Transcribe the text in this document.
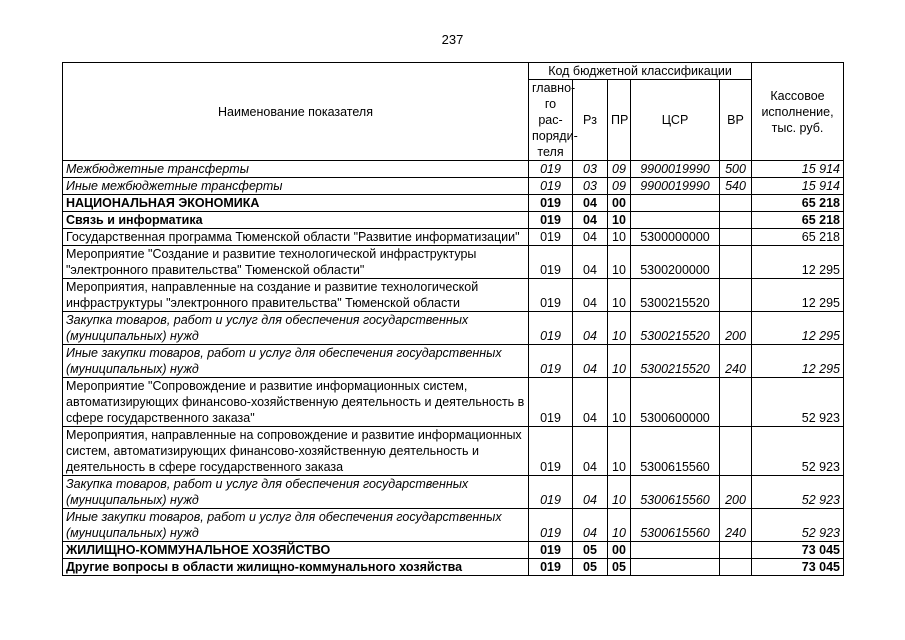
237
Наименование показателя	Код бюджетной классификации					Кассовое исполнение, тыс. руб.
	главно-го рас-поряди-теля	Рз	ПР	ЦСР	ВР	
Межбюджетные трансферты	019	03	09	9900019990	500	15 914
Иные межбюджетные трансферты	019	03	09	9900019990	540	15 914
НАЦИОНАЛЬНАЯ ЭКОНОМИКА	019	04	00			65 218
Связь и информатика	019	04	10			65 218
Государственная программа Тюменской области "Развитие информатизации"	019	04	10	5300000000		65 218
Мероприятие "Создание и развитие технологической инфраструктуры "электронного правительства" Тюменской области"	019	04	10	5300200000		12 295
Мероприятия, направленные на создание и развитие технологической инфраструктуры "электронного правительства" Тюменской области	019	04	10	5300215520		12 295
Закупка товаров, работ и услуг для обеспечения государственных (муниципальных) нужд	019	04	10	5300215520	200	12 295
Иные закупки товаров, работ и услуг для обеспечения государственных (муниципальных) нужд	019	04	10	5300215520	240	12 295
Мероприятие "Сопровождение и развитие информационных систем, автоматизирующих финансово-хозяйственную деятельность и деятельность в сфере государственного заказа"	019	04	10	5300600000		52 923
Мероприятия, направленные на сопровождение и развитие информационных систем, автоматизирующих финансово-хозяйственную деятельность и деятельность в сфере государственного заказа	019	04	10	5300615560		52 923
Закупка товаров, работ и услуг для обеспечения государственных (муниципальных) нужд	019	04	10	5300615560	200	52 923
Иные закупки товаров, работ и услуг для обеспечения государственных (муниципальных) нужд	019	04	10	5300615560	240	52 923
ЖИЛИЩНО-КОММУНАЛЬНОЕ ХОЗЯЙСТВО	019	05	00			73 045
Другие вопросы в области жилищно-коммунального хозяйства	019	05	05			73 045
